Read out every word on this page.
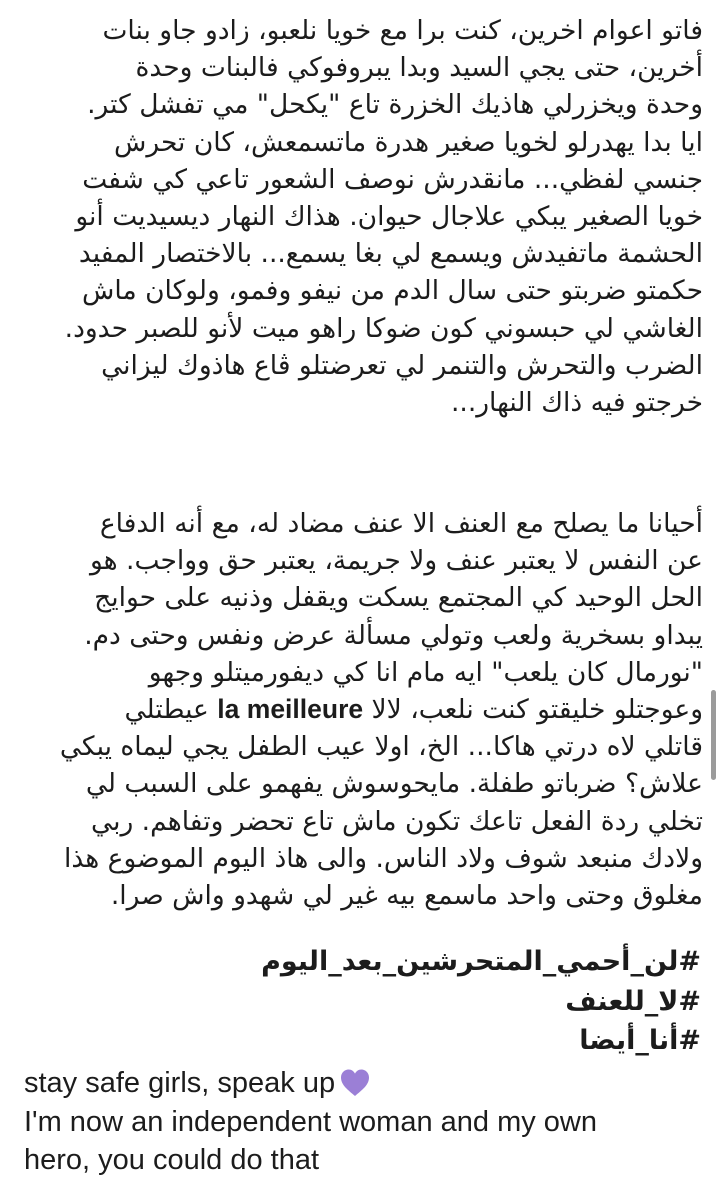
فاتو اعوام اخرين، كنت برا مع خويا نلعبو، زادو جاو بنات
أخرين، حتى يجي السيد وبدا يبروفوكي فالبنات وحدة
وحدة ويخزرلي هاذيك الخزرة تاع "يكحل" مي تفشل كتر.
ايا بدا يهدرلو لخويا صغير هدرة ماتسمعش، كان تحرش
جنسي لفظي... مانقدرش نوصف الشعور تاعي كي شفت
خويا الصغير يبكي علاجال حيوان. هذاك النهار ديسيديت أنو
الحشمة ماتفيدش ويسمع لي بغا يسمع... بالاختصار المفيد
حكمتو ضربتو حتى سال الدم من نيفو وفمو، ولوكان ماش
الغاشي لي حبسوني كون ضوكا راهو ميت لأنو للصبر حدود.
الضرب والتحرش والتنمر لي تعرضتلو ڨاع هاذوك ليزاني
خرجتو فيه ذاك النهار...
أحيانا ما يصلح مع العنف الا عنف مضاد له، مع أنه الدفاع
عن النفس لا يعتبر عنف ولا جريمة، يعتبر حق وواجب. هو
الحل الوحيد كي المجتمع يسكت ويقفل وذنيه على حوايج
يبداو بسخرية ولعب وتولي مسألة عرض ونفس وحتى دم.
"نورمال كان يلعب" ايه مام انا كي ديفورميتلو وجهو
وعوجتلو خليقتو كنت نلعب، لالا la meilleure عيطتلي
قاتلي لاه درتي هاكا... الخ، اولا عيب الطفل يجي ليماه يبكي
علاش؟ ضرباتو طفلة. مايحوسوش يفهمو على السبب لي
تخلي ردة الفعل تاعك تكون ماش تاع تحضر وتفاهم. ربي
ولادك منبعد شوف ولاد الناس. والى هاذ اليوم الموضوع هذا
مغلوق وحتى واحد ماسمع بيه غير لي شهدو واش صرا.
#لن_أحمي_المتحرشين_بعد_اليوم
#لا_للعنف
#أنا_أيضا
stay safe girls, speak up
I'm now an independent woman and my own
hero, you could do that
